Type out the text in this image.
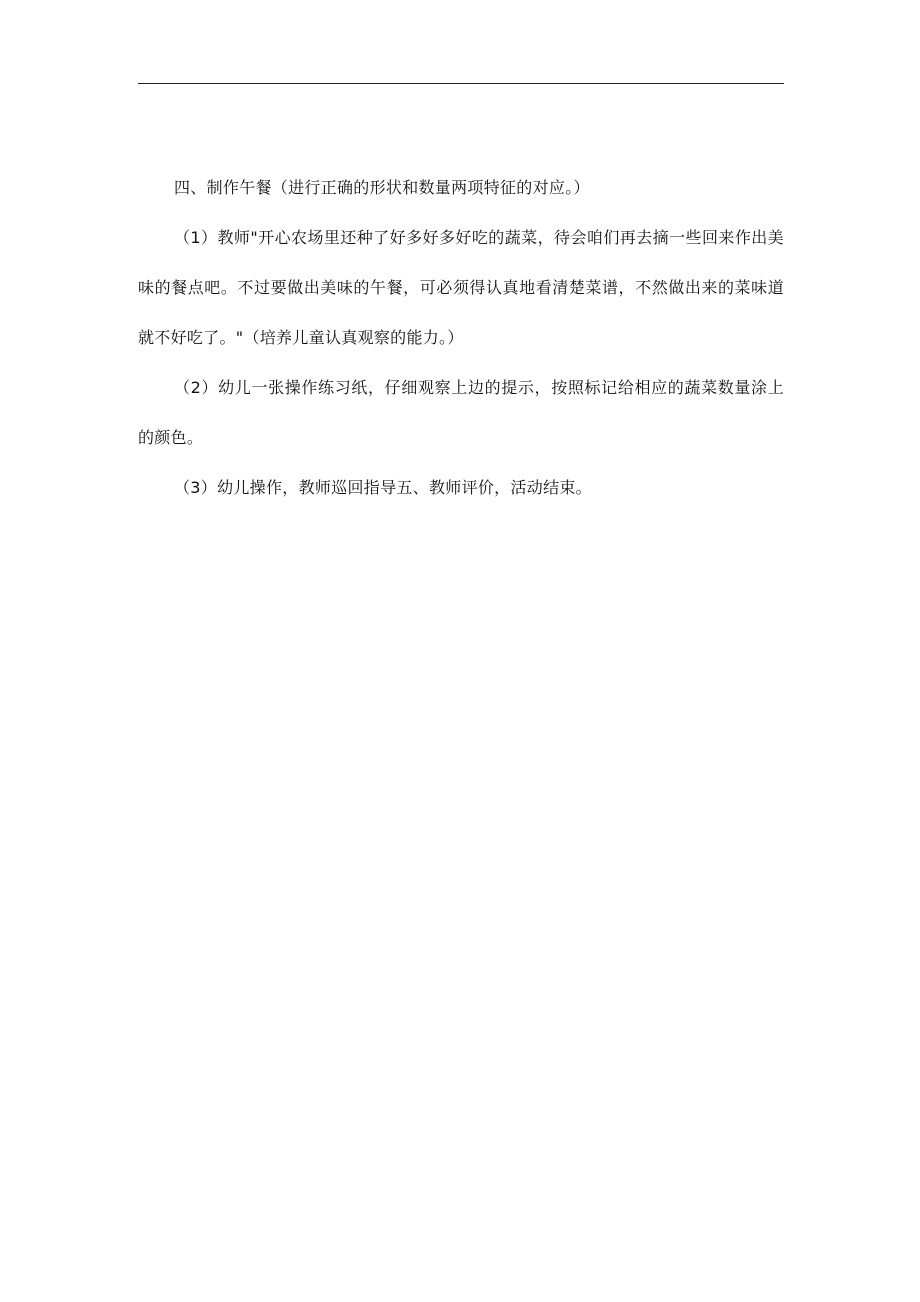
四、制作午餐（进行正确的形状和数量两项特征的对应。）

（1）教师"开心农场里还种了好多好多好吃的蔬菜，待会咱们再去摘一些回来作出美味的餐点吧。不过要做出美味的午餐，可必须得认真地看清楚菜谱，不然做出来的菜味道就不好吃了。"（培养儿童认真观察的能力。）

（2）幼儿一张操作练习纸，仔细观察上边的提示，按照标记给相应的蔬菜数量涂上的颜色。

（3）幼儿操作，教师巡回指导五、教师评价，活动结束。
